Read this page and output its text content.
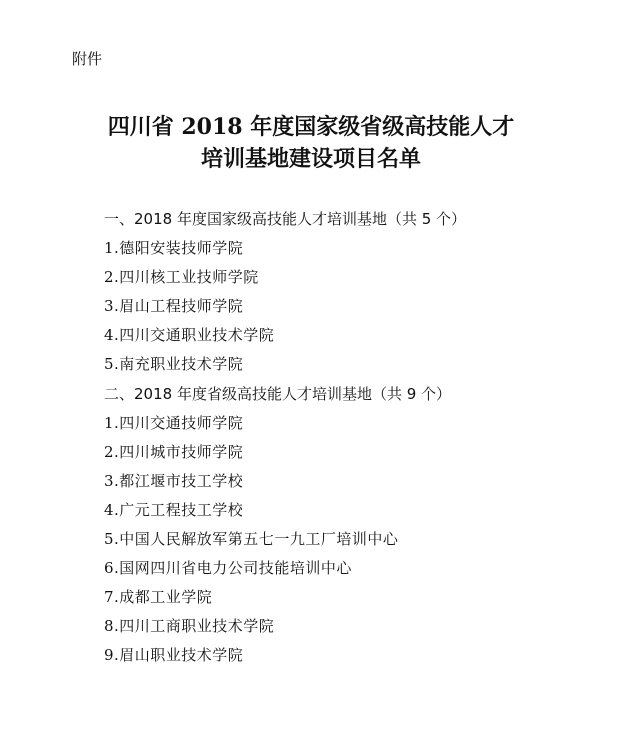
附件
四川省 2018 年度国家级省级高技能人才
培训基地建设项目名单
一、2018 年度国家级高技能人才培训基地（共 5 个）
1.德阳安装技师学院
2.四川核工业技师学院
3.眉山工程技师学院
4.四川交通职业技术学院
5.南充职业技术学院
二、2018 年度省级高技能人才培训基地（共 9 个）
1.四川交通技师学院
2.四川城市技师学院
3.都江堰市技工学校
4.广元工程技工学校
5.中国人民解放军第五七一九工厂培训中心
6.国网四川省电力公司技能培训中心
7.成都工业学院
8.四川工商职业技术学院
9.眉山职业技术学院
